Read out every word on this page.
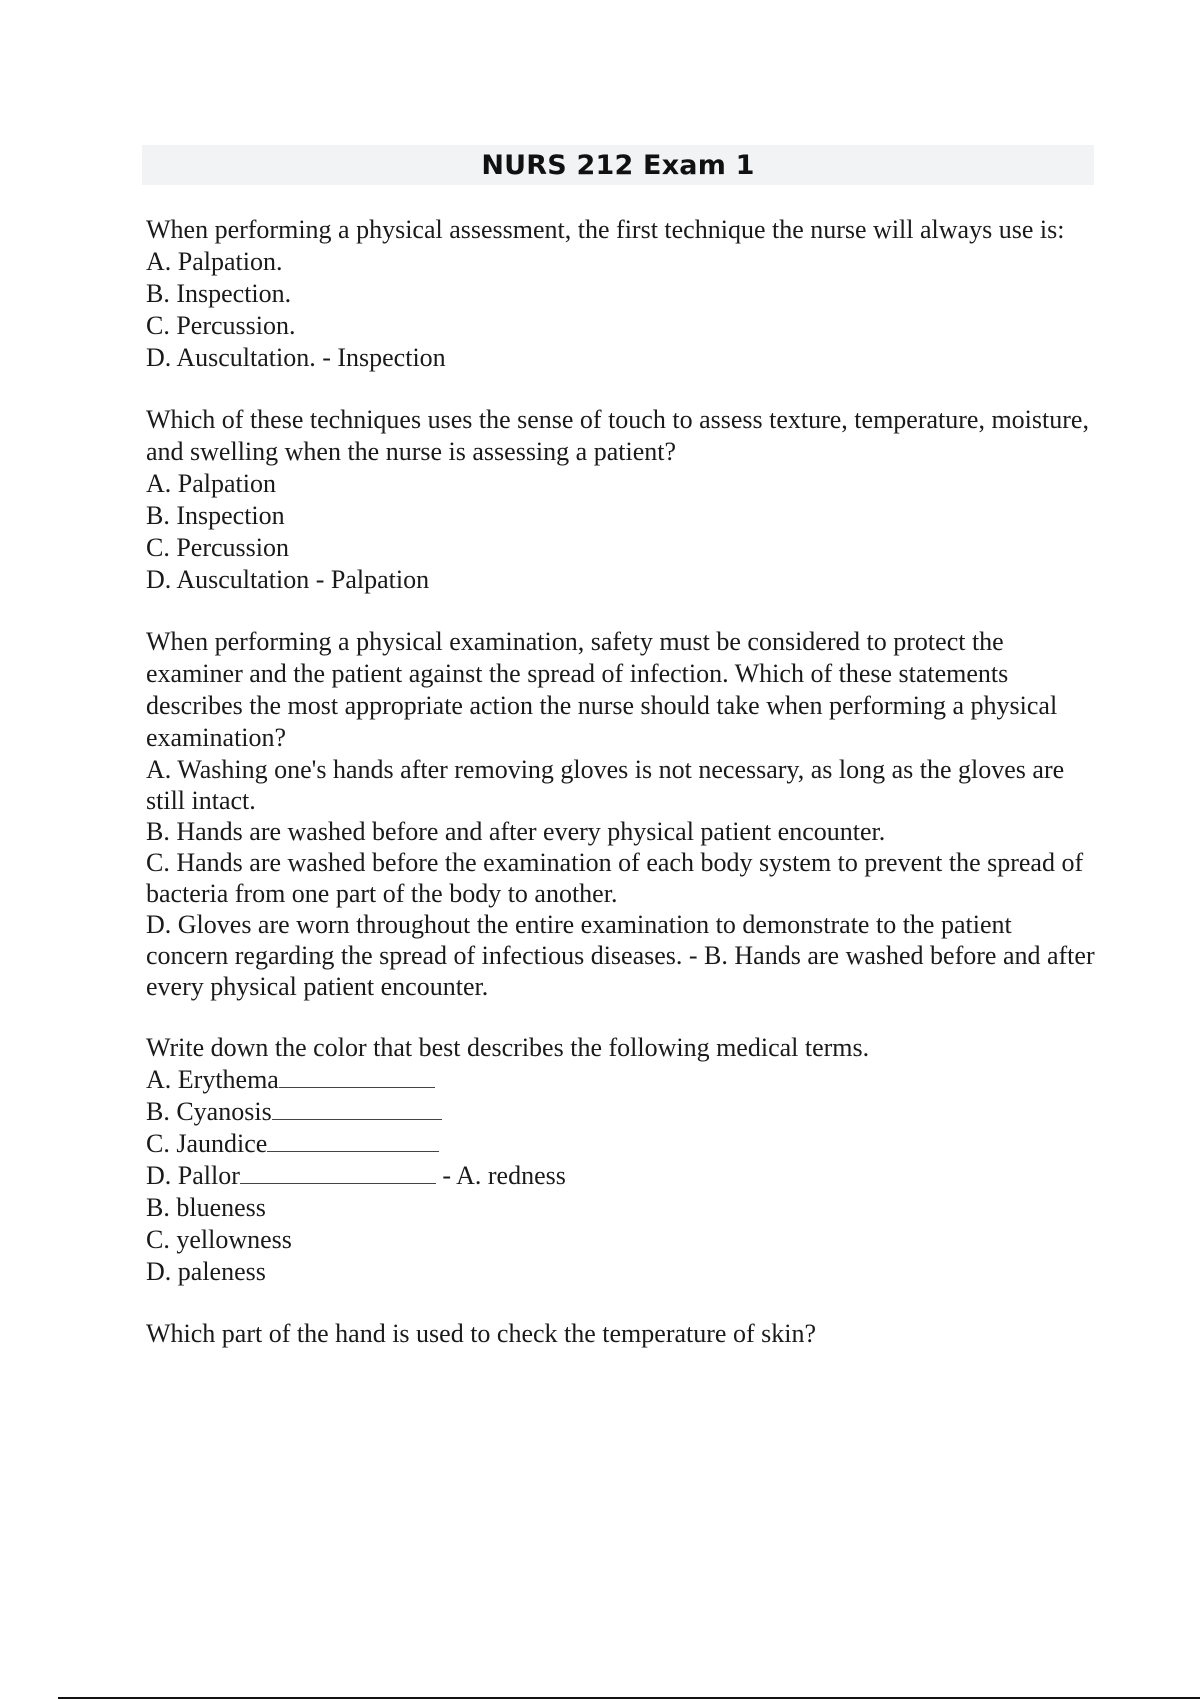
NURS 212 Exam 1

When performing a physical assessment, the first technique the nurse will always use is:

A. Palpation.

B. Inspection.

C. Percussion.

D. Auscultation. - Inspection

Which of these techniques uses the sense of touch to assess texture, temperature, moisture, and swelling when the nurse is assessing a patient?

A. Palpation

B. Inspection

C. Percussion

D. Auscultation - Palpation

When performing a physical examination, safety must be considered to protect the examiner and the patient against the spread of infection. Which of these statements describes the most appropriate action the nurse should take when performing a physical examination?

A. Washing one's hands after removing gloves is not necessary, as long as the gloves are still intact.

B. Hands are washed before and after every physical patient encounter.

C. Hands are washed before the examination of each body system to prevent the spread of bacteria from one part of the body to another.

D. Gloves are worn throughout the entire examination to demonstrate to the patient concern regarding the spread of infectious diseases. - B. Hands are washed before and after every physical patient encounter.

Write down the color that best describes the following medical terms.

A. Erythema

B. Cyanosis

C. Jaundice

D. Pallor	- A. redness

B. blueness

C. yellowness

D. paleness

Which part of the hand is used to check the temperature of skin?
